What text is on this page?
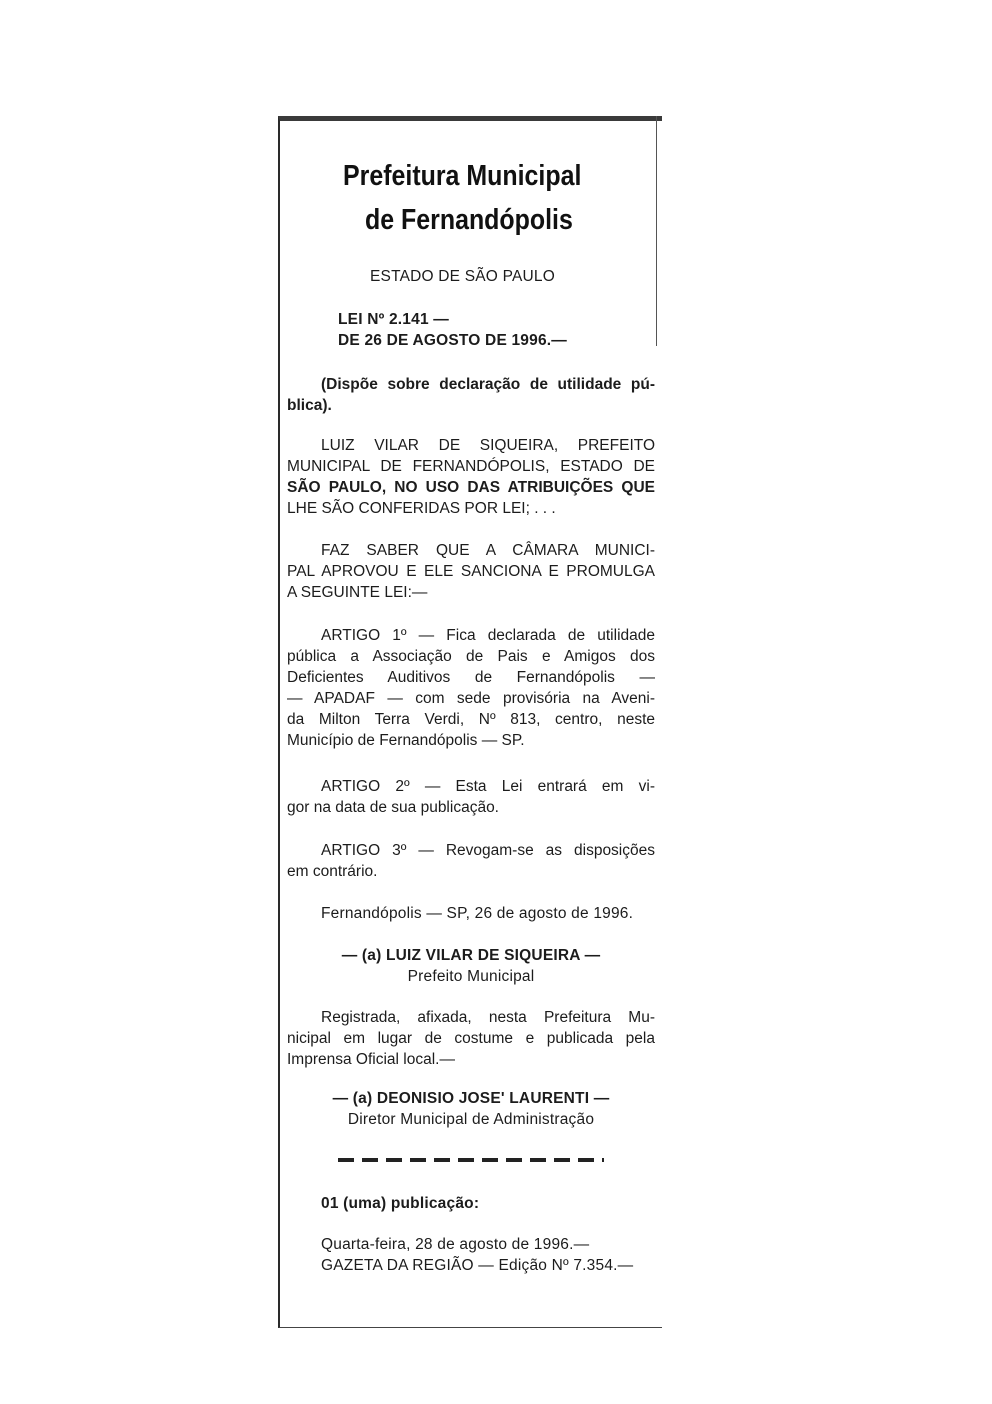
Prefeitura Municipal
de Fernandópolis
ESTADO DE SÃO PAULO
LEI Nº 2.141 —
DE 26 DE AGOSTO DE 1996.—
(Dispõe sobre declaração de utilidade pú-
blica).
LUIZ VILAR DE SIQUEIRA, PREFEITO
MUNICIPAL DE FERNANDÓPOLIS, ESTADO DE
SÃO PAULO, NO USO DAS ATRIBUIÇÕES QUE
LHE SÃO CONFERIDAS POR LEI; . . .
FAZ SABER QUE A CÂMARA MUNICI-
PAL APROVOU E ELE SANCIONA E PROMULGA
A SEGUINTE LEI:—
ARTIGO 1º — Fica declarada de utilidade
pública a Associação de Pais e Amigos dos
Deficientes Auditivos de Fernandópolis —
— APADAF — com sede provisória na Aveni-
da Milton Terra Verdi, Nº 813, centro, neste
Município de Fernandópolis — SP.
ARTIGO 2º — Esta Lei entrará em vi-
gor na data de sua publicação.
ARTIGO 3º — Revogam-se as disposições
em contrário.
Fernandópolis — SP, 26 de agosto de 1996.
— (a) LUIZ VILAR DE SIQUEIRA —
Prefeito Municipal
Registrada, afixada, nesta Prefeitura Mu-
nicipal em lugar de costume e publicada pela
Imprensa Oficial local.—
— (a) DEONISIO JOSE' LAURENTI —
Diretor Municipal de Administração
01 (uma) publicação:
Quarta-feira, 28 de agosto de 1996.—
GAZETA DA REGIÃO — Edição Nº 7.354.—
